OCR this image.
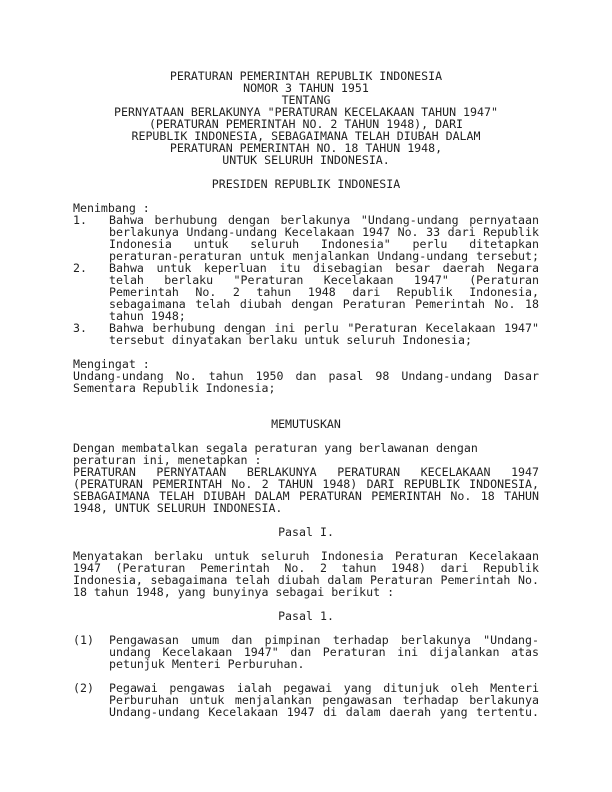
PERATURAN PEMERINTAH REPUBLIK INDONESIA
NOMOR 3 TAHUN 1951
TENTANG
PERNYATAAN BERLAKUNYA "PERATURAN KECELAKAAN TAHUN 1947"
(PERATURAN PEMERINTAH NO. 2 TAHUN 1948), DARI
REPUBLIK INDONESIA, SEBAGAIMANA TELAH DIUBAH DALAM
PERATURAN PEMERINTAH NO. 18 TAHUN 1948,
UNTUK SELURUH INDONESIA.
PRESIDEN REPUBLIK INDONESIA
Menimbang :
1. Bahwa berhubung dengan berlakunya "Undang-undang pernyataan
berlakunya Undang-undang Kecelakaan 1947 No. 33 dari Republik
Indonesia untuk seluruh Indonesia" perlu ditetapkan
peraturan-peraturan untuk menjalankan Undang-undang tersebut;
2. Bahwa untuk keperluan itu disebagian besar daerah Negara
telah berlaku "Peraturan Kecelakaan 1947" (Peraturan
Pemerintah No. 2 tahun 1948 dari Republik Indonesia,
sebagaimana telah diubah dengan Peraturan Pemerintah No. 18
tahun 1948;
3. Bahwa berhubung dengan ini perlu "Peraturan Kecelakaan 1947"
tersebut dinyatakan berlaku untuk seluruh Indonesia;
Mengingat :
Undang-undang No. tahun 1950 dan pasal 98 Undang-undang Dasar
Sementara Republik Indonesia;
MEMUTUSKAN
Dengan membatalkan segala peraturan yang berlawanan dengan
peraturan ini, menetapkan :
PERATURAN PERNYATAAN BERLAKUNYA PERATURAN KECELAKAAN 1947
(PERATURAN PEMERINTAH No. 2 TAHUN 1948) DARI REPUBLIK INDONESIA,
SEBAGAIMANA TELAH DIUBAH DALAM PERATURAN PEMERINTAH No. 18 TAHUN
1948, UNTUK SELURUH INDONESIA.
Pasal I.
Menyatakan berlaku untuk seluruh Indonesia Peraturan Kecelakaan
1947 (Peraturan Pemerintah No. 2 tahun 1948) dari Republik
Indonesia, sebagaimana telah diubah dalam Peraturan Pemerintah No.
18 tahun 1948, yang bunyinya sebagai berikut :
Pasal 1.
(1) Pengawasan umum dan pimpinan terhadap berlakunya "Undang-
undang Kecelakaan 1947" dan Peraturan ini dijalankan atas
petunjuk Menteri Perburuhan.
(2) Pegawai pengawas ialah pegawai yang ditunjuk oleh Menteri
Perburuhan untuk menjalankan pengawasan terhadap berlakunya
Undang-undang Kecelakaan 1947 di dalam daerah yang tertentu.
